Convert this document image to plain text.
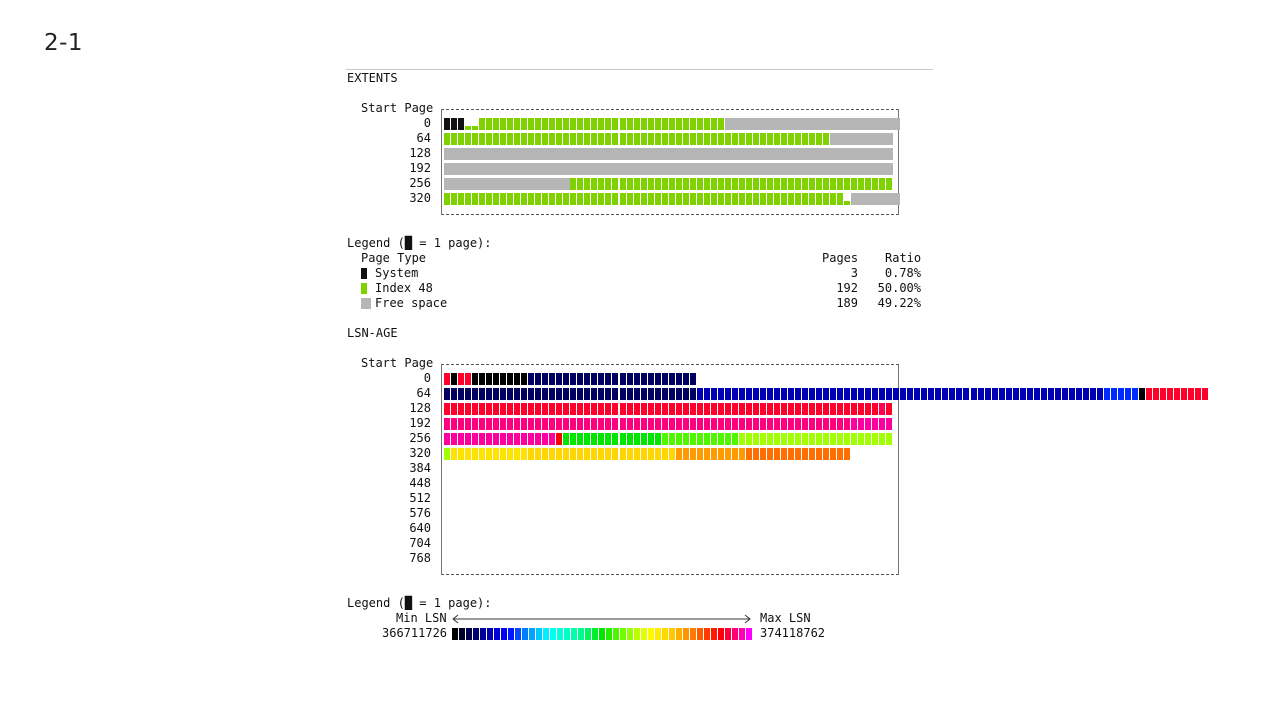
2-1
EXTENTS
Start Page
0
64
128
192
256
320
Legend (█ = 1 page):
Page Type	Pages Ratio
System	3	0.78%
Index 48	192	50.00%
Free space	189	49.22%
LSN-AGE
Start Page
0
64
128
192
256
320
384
448
512
576
640
704
768
Legend (█ = 1 page):
Min LSN	Max LSN
366711726	374118762
